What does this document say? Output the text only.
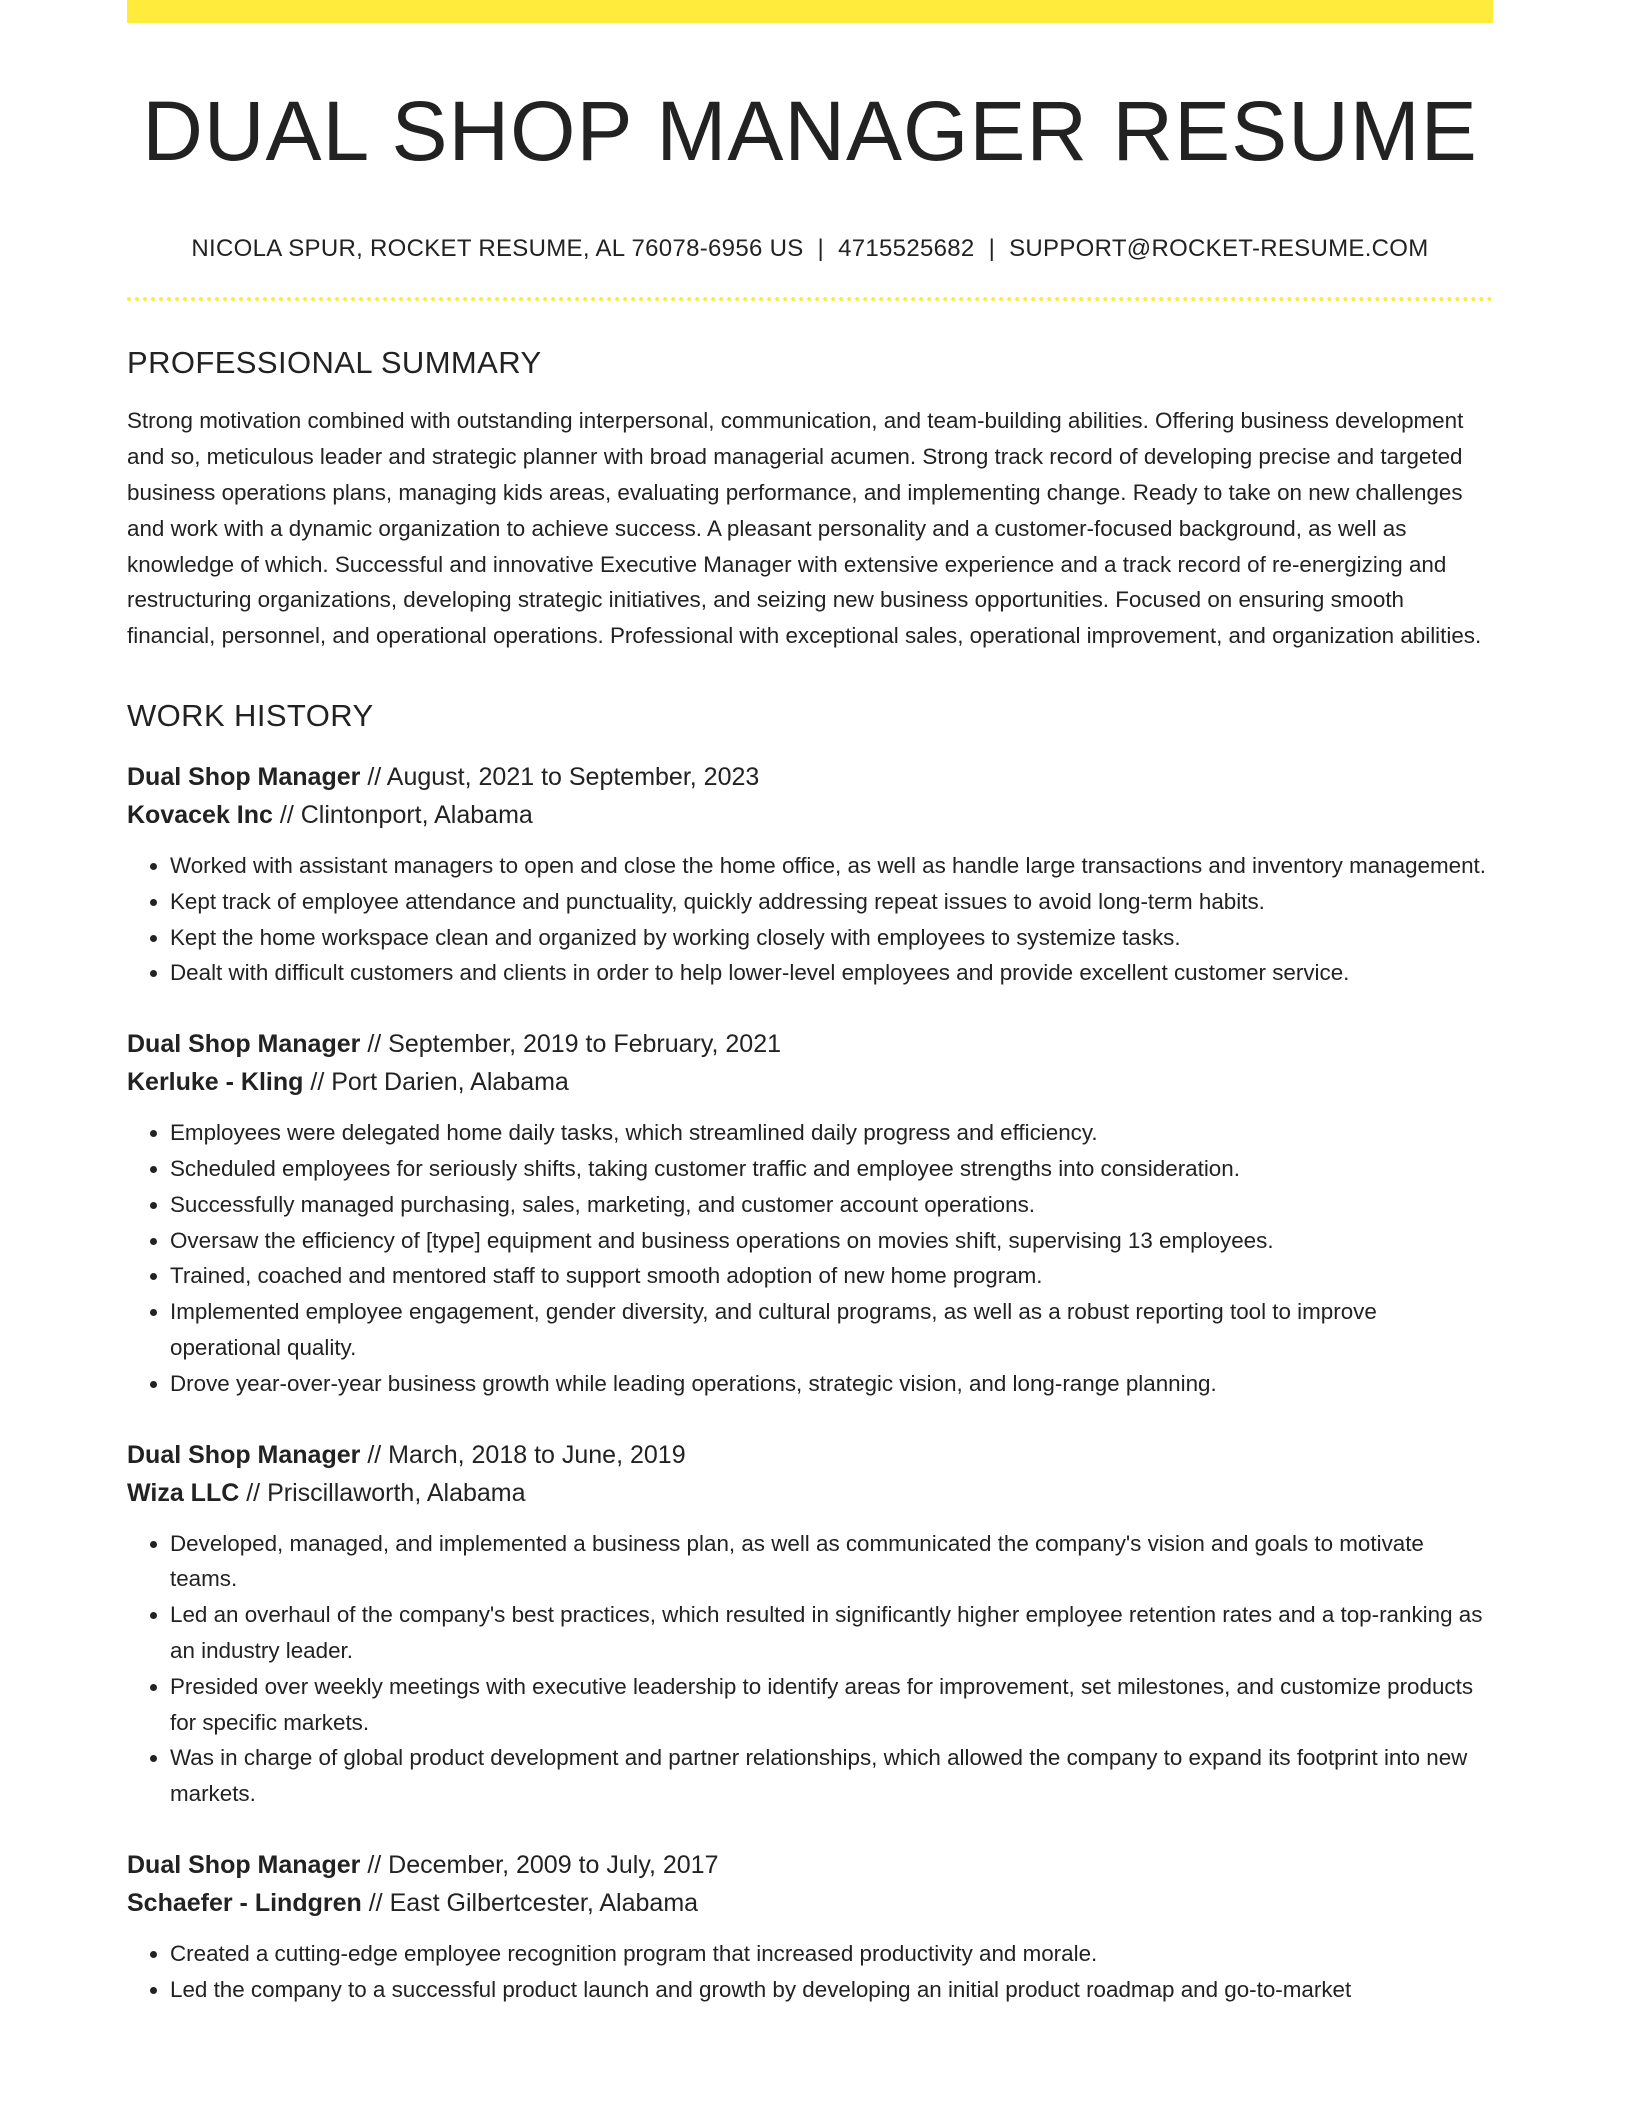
DUAL SHOP MANAGER RESUME
NICOLA SPUR, ROCKET RESUME, AL 76078-6956 US | 4715525682 | SUPPORT@ROCKET-RESUME.COM
PROFESSIONAL SUMMARY
Strong motivation combined with outstanding interpersonal, communication, and team-building abilities. Offering business development and so, meticulous leader and strategic planner with broad managerial acumen. Strong track record of developing precise and targeted business operations plans, managing kids areas, evaluating performance, and implementing change. Ready to take on new challenges and work with a dynamic organization to achieve success. A pleasant personality and a customer-focused background, as well as knowledge of which. Successful and innovative Executive Manager with extensive experience and a track record of re-energizing and restructuring organizations, developing strategic initiatives, and seizing new business opportunities. Focused on ensuring smooth financial, personnel, and operational operations. Professional with exceptional sales, operational improvement, and organization abilities.
WORK HISTORY
Dual Shop Manager // August, 2021 to September, 2023
Kovacek Inc // Clintonport, Alabama
• Worked with assistant managers to open and close the home office, as well as handle large transactions and inventory management.
• Kept track of employee attendance and punctuality, quickly addressing repeat issues to avoid long-term habits.
• Kept the home workspace clean and organized by working closely with employees to systemize tasks.
• Dealt with difficult customers and clients in order to help lower-level employees and provide excellent customer service.
Dual Shop Manager // September, 2019 to February, 2021
Kerluke - Kling // Port Darien, Alabama
• Employees were delegated home daily tasks, which streamlined daily progress and efficiency.
• Scheduled employees for seriously shifts, taking customer traffic and employee strengths into consideration.
• Successfully managed purchasing, sales, marketing, and customer account operations.
• Oversaw the efficiency of [type] equipment and business operations on movies shift, supervising 13 employees.
• Trained, coached and mentored staff to support smooth adoption of new home program.
• Implemented employee engagement, gender diversity, and cultural programs, as well as a robust reporting tool to improve operational quality.
• Drove year-over-year business growth while leading operations, strategic vision, and long-range planning.
Dual Shop Manager // March, 2018 to June, 2019
Wiza LLC // Priscillaworth, Alabama
• Developed, managed, and implemented a business plan, as well as communicated the company's vision and goals to motivate teams.
• Led an overhaul of the company's best practices, which resulted in significantly higher employee retention rates and a top-ranking as an industry leader.
• Presided over weekly meetings with executive leadership to identify areas for improvement, set milestones, and customize products for specific markets.
• Was in charge of global product development and partner relationships, which allowed the company to expand its footprint into new markets.
Dual Shop Manager // December, 2009 to July, 2017
Schaefer - Lindgren // East Gilbertcester, Alabama
• Created a cutting-edge employee recognition program that increased productivity and morale.
• Led the company to a successful product launch and growth by developing an initial product roadmap and go-to-market
